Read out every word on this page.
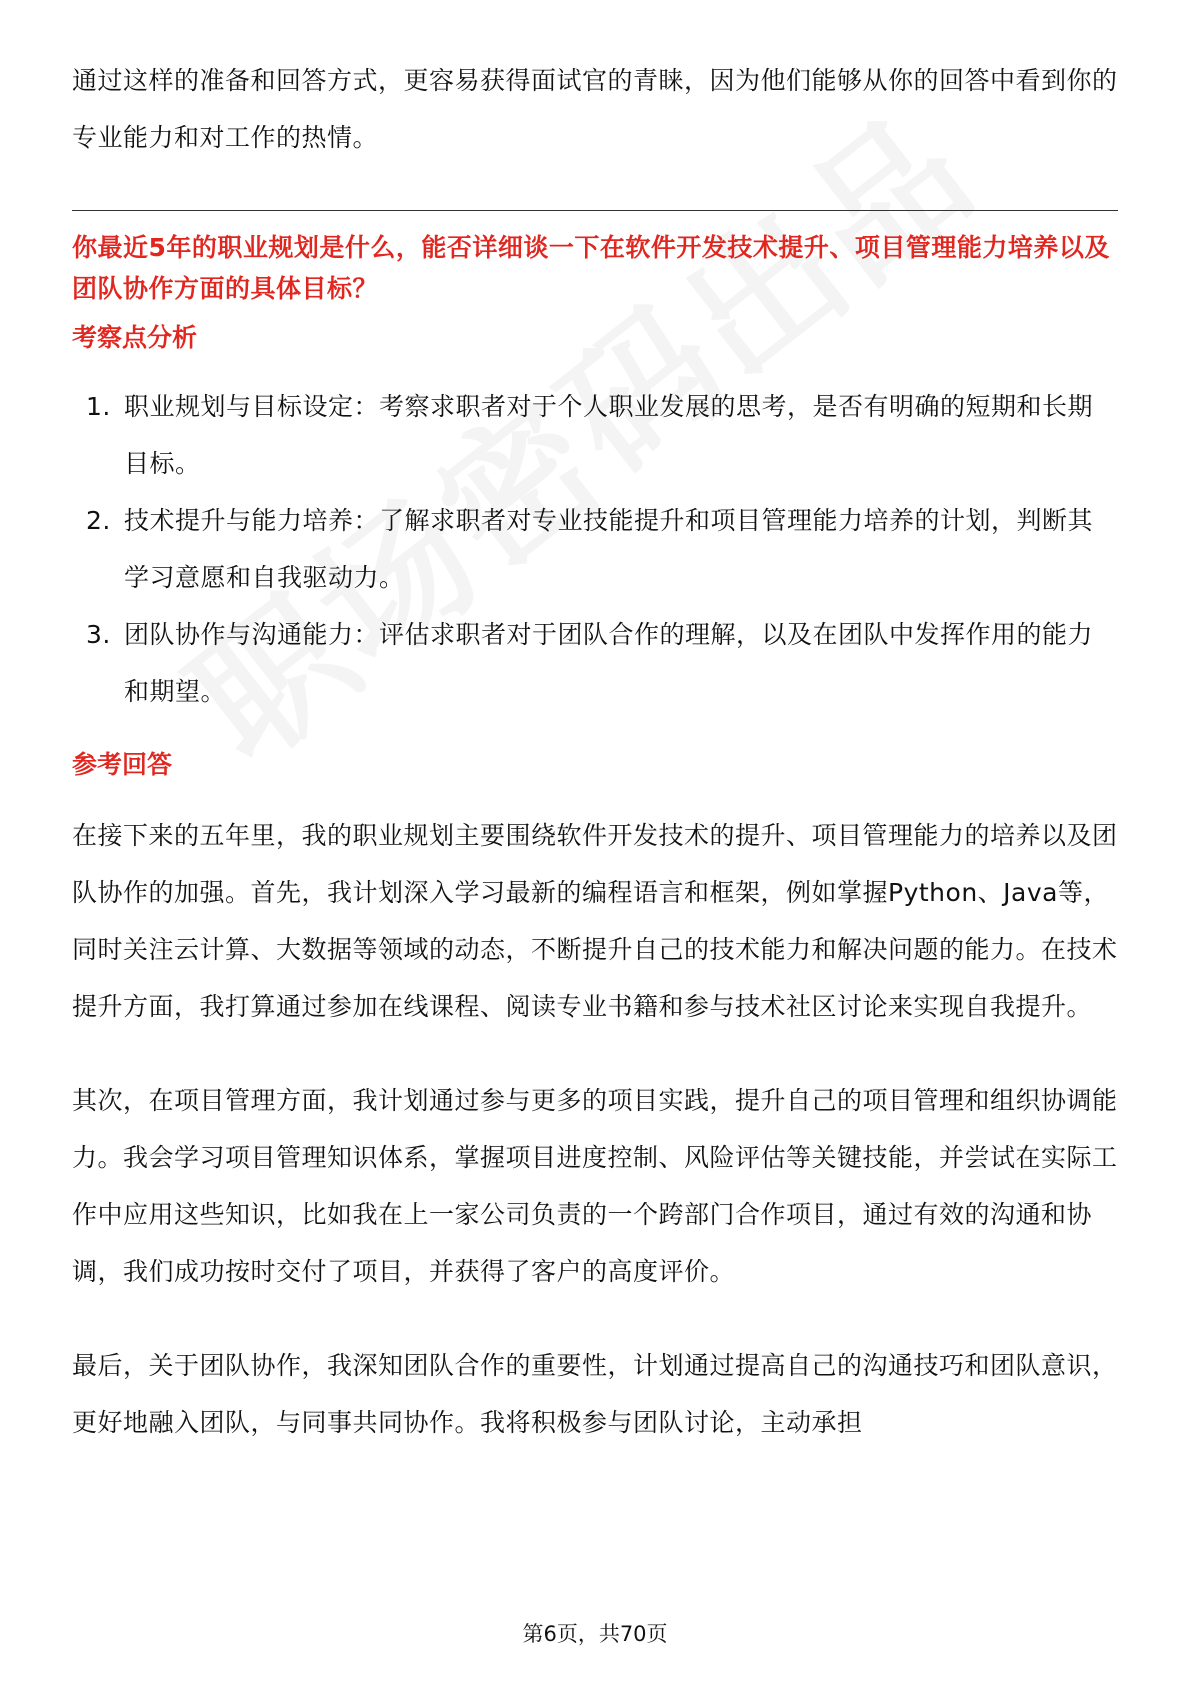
通过这样的准备和回答方式，更容易获得面试官的青睐，因为他们能够从你的回答中看到你的专业能力和对工作的热情。

你最近5年的职业规划是什么，能否详细谈一下在软件开发技术提升、项目管理能力培养以及团队协作方面的具体目标？

考察点分析

1. 职业规划与目标设定：考察求职者对于个人职业发展的思考，是否有明确的短期和长期目标。
2. 技术提升与能力培养：了解求职者对专业技能提升和项目管理能力培养的计划，判断其学习意愿和自我驱动力。
3. 团队协作与沟通能力：评估求职者对于团队合作的理解，以及在团队中发挥作用的能力和期望。

参考回答

在接下来的五年里，我的职业规划主要围绕软件开发技术的提升、项目管理能力的培养以及团队协作的加强。首先，我计划深入学习最新的编程语言和框架，例如掌握Python、Java等，同时关注云计算、大数据等领域的动态，不断提升自己的技术能力和解决问题的能力。在技术提升方面，我打算通过参加在线课程、阅读专业书籍和参与技术社区讨论来实现自我提升。

其次，在项目管理方面，我计划通过参与更多的项目实践，提升自己的项目管理和组织协调能力。我会学习项目管理知识体系，掌握项目进度控制、风险评估等关键技能，并尝试在实际工作中应用这些知识，比如我在上一家公司负责的一个跨部门合作项目，通过有效的沟通和协调，我们成功按时交付了项目，并获得了客户的高度评价。

最后，关于团队协作，我深知团队合作的重要性，计划通过提高自己的沟通技巧和团队意识，更好地融入团队，与同事共同协作。我将积极参与团队讨论，主动承担

第6页，共70页
